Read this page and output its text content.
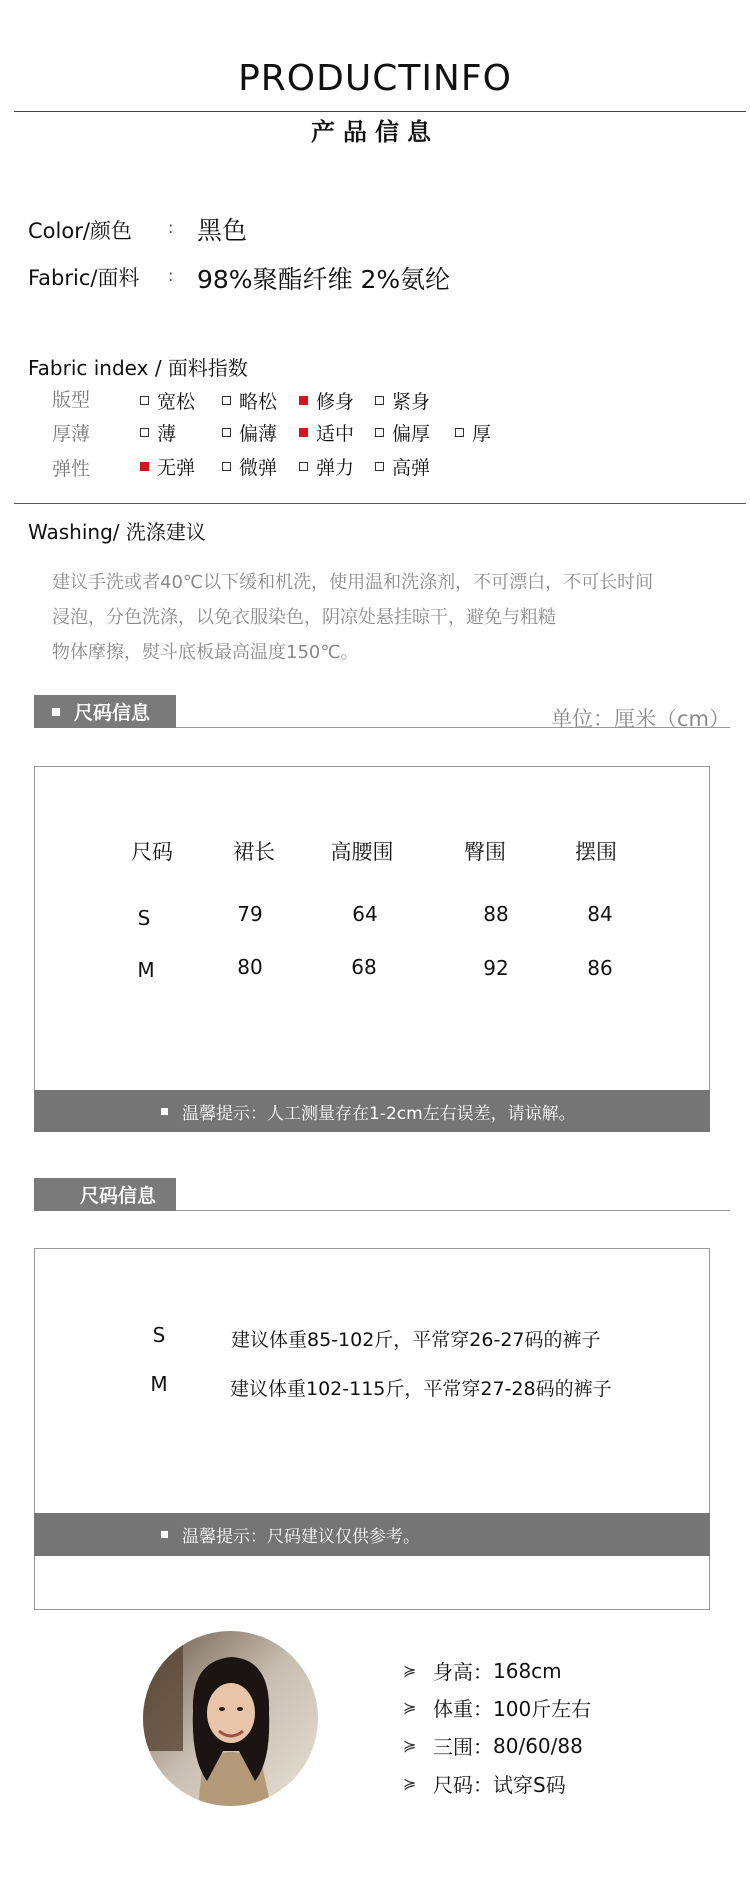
PRODUCTINFO
产品信息
Color/颜色 : 黑色
Fabric/面料 : 98%聚酯纤维 2%氨纶
Fabric index / 面料指数
版型	宽松 略松 修身 紧身
厚薄	薄	偏薄 适中 偏厚 厚
弹性	无弹 微弹 弹力 高弹
Washing/ 洗涤建议
建议手洗或者40℃以下缓和机洗，使用温和洗涤剂，不可漂白，不可长时间
浸泡，分色洗涤，以免衣服染色，阴凉处悬挂晾干，避免与粗糙
物体摩擦，熨斗底板最高温度150℃。
尺码信息	单位：厘米（cm）
尺码	裙长	高腰围	臀围	摆围
S	79	64	88	84
M	80	68	92	86
温馨提示：人工测量存在1-2cm左右误差，请谅解。
尺码信息
S	建议体重85-102斤，平常穿26-27码的裤子
M	建议体重102-115斤，平常穿27-28码的裤子
温馨提示：尺码建议仅供参考。
≽ 身高： 168cm
≽ 体重： 100斤左右
≽ 三围： 80/60/88
≽ 尺码： 试穿S码
